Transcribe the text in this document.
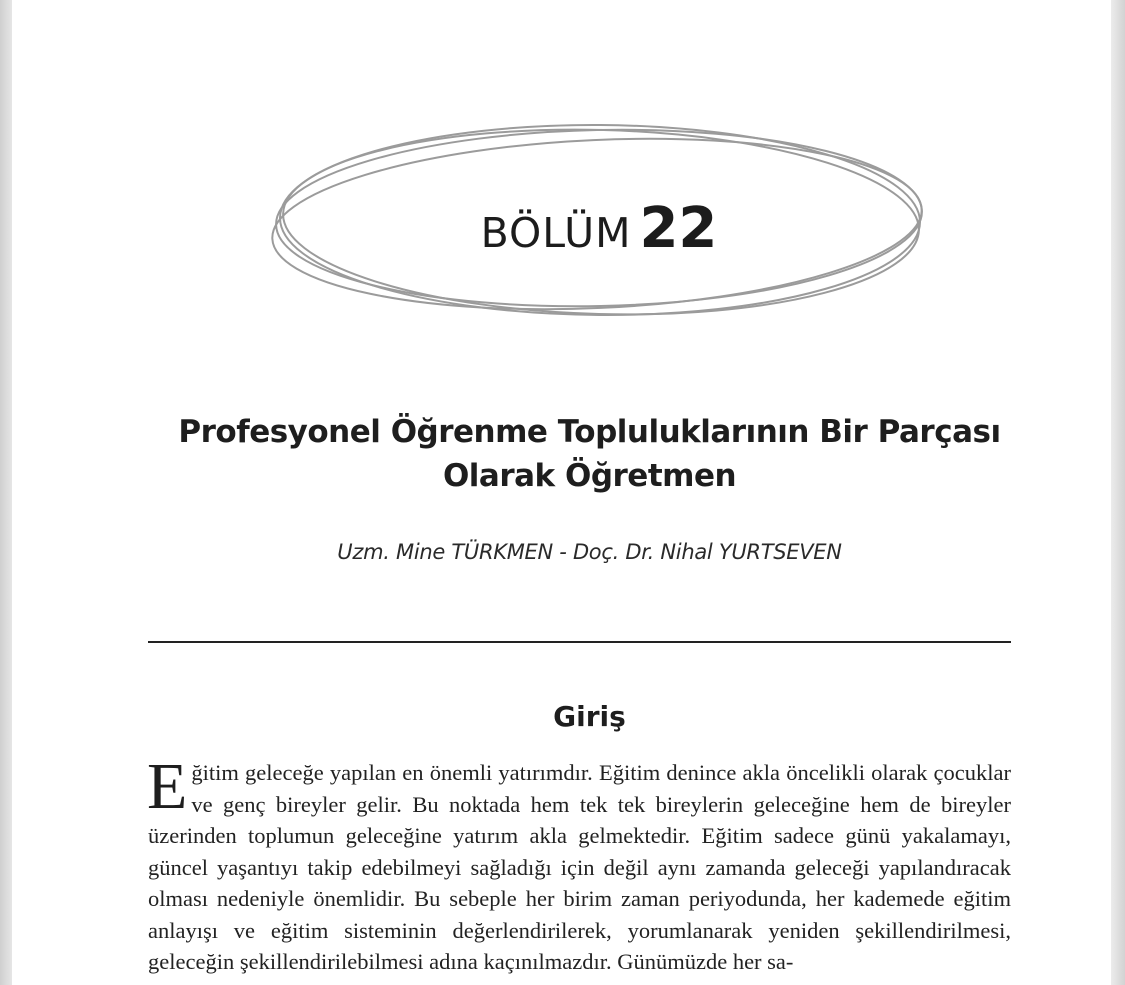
BÖLÜM 22
Profesyonel Öğrenme Topluluklarının Bir Parçası
Olarak Öğretmen
Uzm. Mine TÜRKMEN - Doç. Dr. Nihal YURTSEVEN
Giriş

Eğitim geleceğe yapılan en önemli yatırımdır. Eğitim denince akla öncelikli olarak çocuklar ve genç bireyler gelir. Bu noktada hem tek tek bireylerin geleceğine hem de bireyler üzerinden toplumun geleceğine yatırım akla gelmektedir. Eğitim sadece günü yakalamayı, güncel yaşantıyı takip edebilmeyi sağladığı için değil aynı zamanda geleceği yapılandıracak olması nedeniyle önemlidir. Bu sebeple her birim zaman periyodunda, her kademede eğitim anlayışı ve eğitim sisteminin değerlendirilerek, yorumlanarak yeniden şekillendirilmesi, geleceğin şekillendirilebilmesi adına kaçınılmazdır. Günümüzde her sa-
